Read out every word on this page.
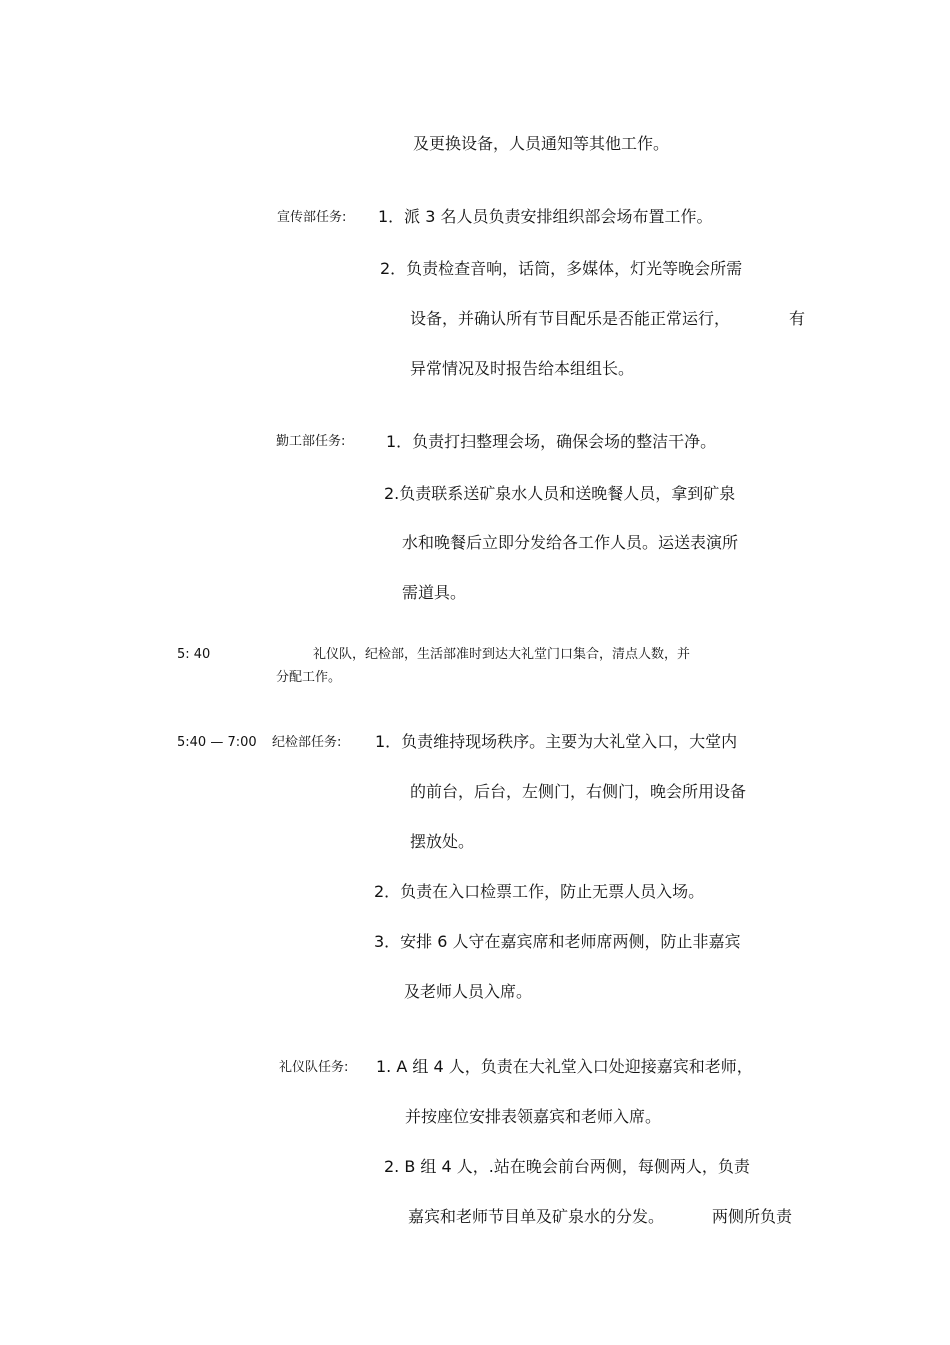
及更换设备，人员通知等其他工作。
宣传部任务: 1．派 3 名人员负责安排组织部会场布置工作。
2．负责检查音响，话筒，多媒体，灯光等晚会所需
设备，并确认所有节目配乐是否能正常运行，	有
异常情况及时报告给本组组长。
勤工部任务:	1．负责打扫整理会场，确保会场的整洁干净。
2.负责联系送矿泉水人员和送晚餐人员，拿到矿泉
水和晚餐后立即分发给各工作人员。运送表演所
需道具。
5: 40	礼仪队，纪检部，生活部准时到达大礼堂门口集合，清点人数，并
分配工作。
5:40 — 7:00 纪检部任务: 1．负责维持现场秩序。主要为大礼堂入口，大堂内
的前台，后台，左侧门，右侧门，晚会所用设备
摆放处。
2．负责在入口检票工作，防止无票人员入场。
3．安排 6 人守在嘉宾席和老师席两侧，防止非嘉宾
及老师人员入席。
礼仪队任务: 1. A 组 4 人，负责在大礼堂入口处迎接嘉宾和老师，
并按座位安排表领嘉宾和老师入席。
2. B 组 4 人，.站在晚会前台两侧，每侧两人，负责
嘉宾和老师节目单及矿泉水的分发。	两侧所负责
